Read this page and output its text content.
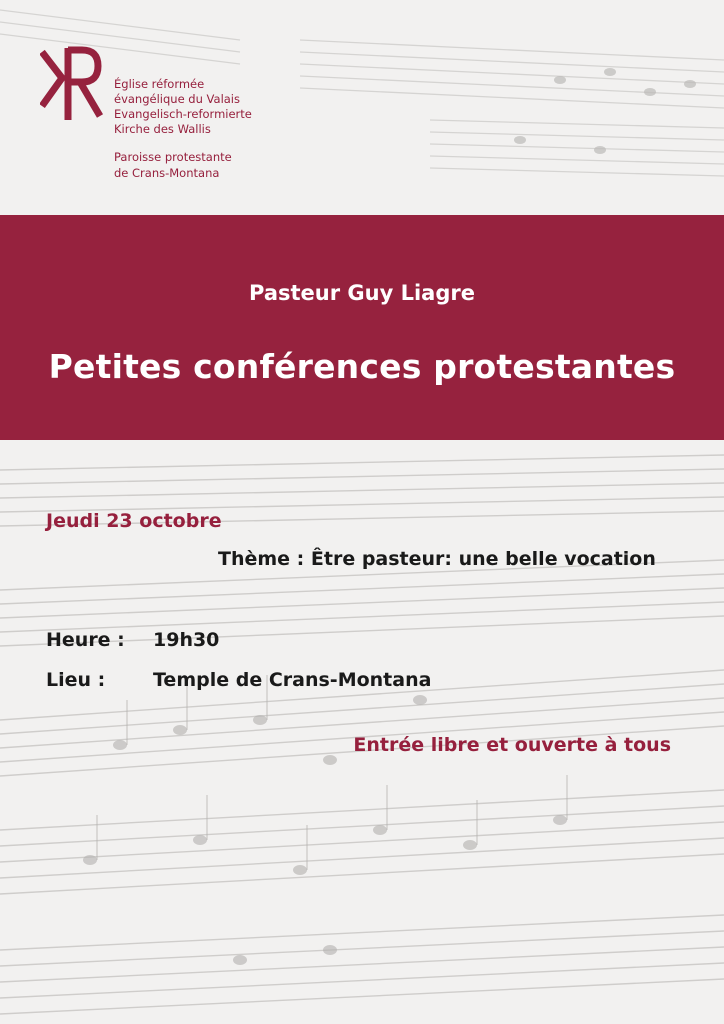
Église réformée
évangélique du Valais
Evangelisch-reformierte
Kirche des Wallis
Paroisse protestante
de Crans-Montana
Pasteur Guy Liagre
Petites conférences protestantes
Jeudi 23 octobre
Thème : Être pasteur: une belle vocation
Heure : 19h30
Lieu :	Temple de Crans-Montana
Entrée libre et ouverte à tous
